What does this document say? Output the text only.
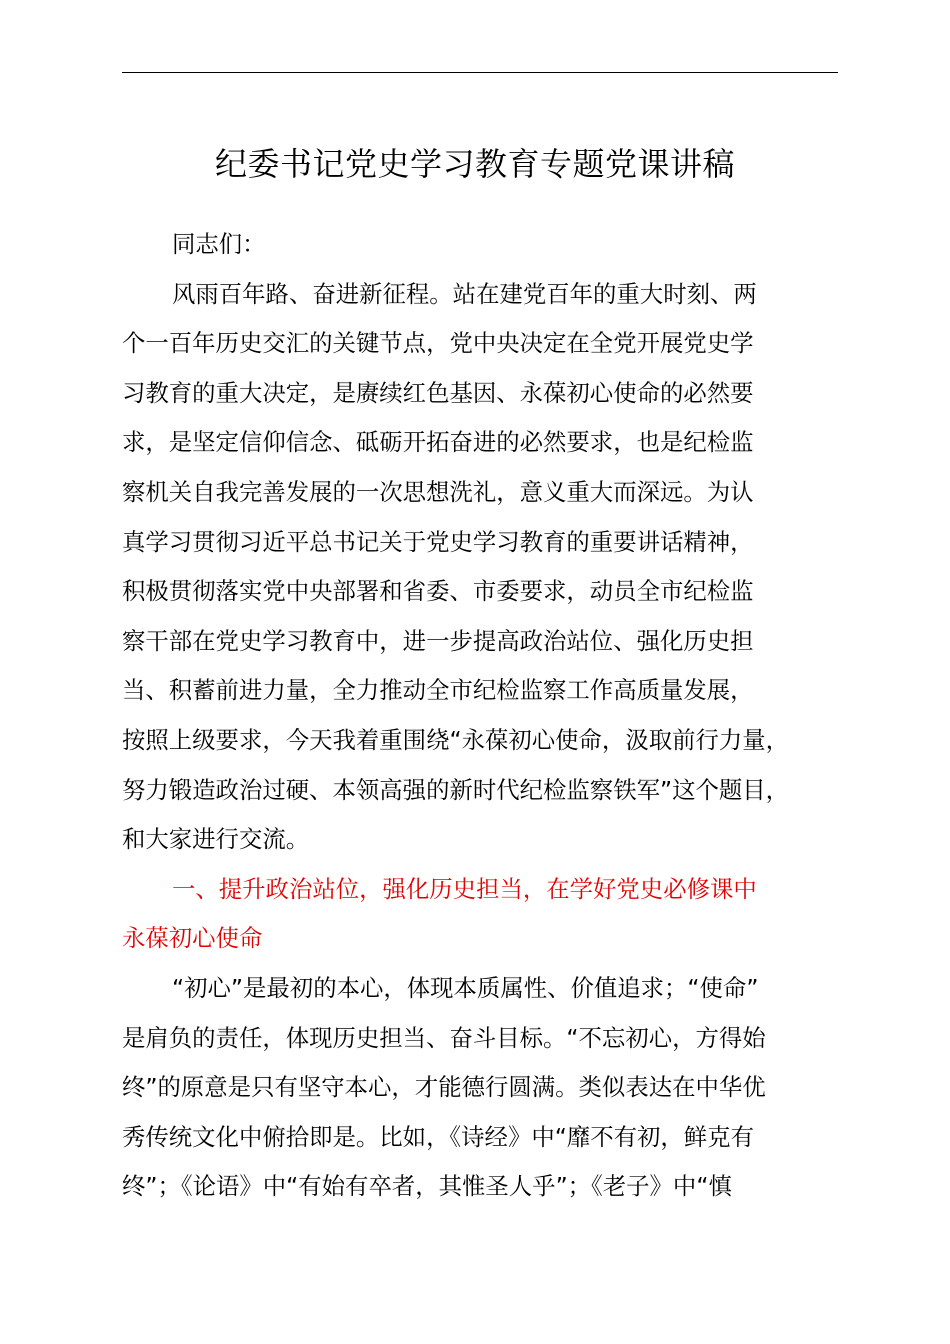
纪委书记党史学习教育专题党课讲稿
同志们：
风雨百年路、奋进新征程。站在建党百年的重大时刻、两
个一百年历史交汇的关键节点，党中央决定在全党开展党史学
习教育的重大决定，是赓续红色基因、永葆初心使命的必然要
求，是坚定信仰信念、砥砺开拓奋进的必然要求，也是纪检监
察机关自我完善发展的一次思想洗礼，意义重大而深远。为认
真学习贯彻习近平总书记关于党史学习教育的重要讲话精神，
积极贯彻落实党中央部署和省委、市委要求，动员全市纪检监
察干部在党史学习教育中，进一步提高政治站位、强化历史担
当、积蓄前进力量，全力推动全市纪检监察工作高质量发展，
按照上级要求，今天我着重围绕“永葆初心使命，汲取前行力量，
努力锻造政治过硬、本领高强的新时代纪检监察铁军”这个题目，
和大家进行交流。
一、提升政治站位，强化历史担当，在学好党史必修课中
永葆初心使命
“初心”是最初的本心，体现本质属性、价值追求；“使命”
是肩负的责任，体现历史担当、奋斗目标。“不忘初心，方得始
终”的原意是只有坚守本心，才能德行圆满。类似表达在中华优
秀传统文化中俯拾即是。比如，《诗经》中“靡不有初，鲜克有
终”；《论语》中“有始有卒者，其惟圣人乎”；《老子》中“慎
